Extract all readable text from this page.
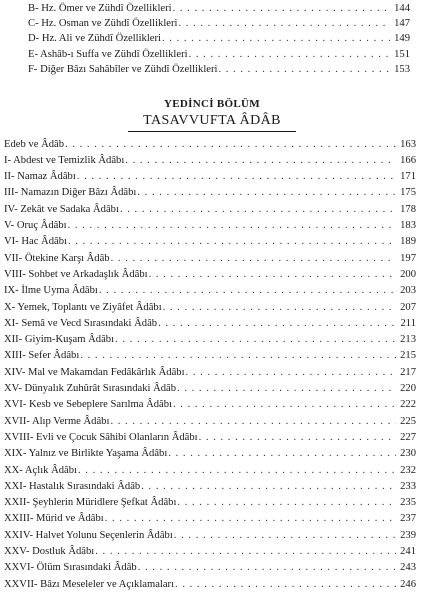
B- Hz. Ömer ve Zühdî Özellikleri . . .	144
C- Hz. Osman ve Zühdî Özellikleri . . .	147
D- Hz. Ali ve Zühdî Özellikleri . . .	149
E- Ashâb-ı Suffa ve Zühdî Özellikleri . . .	151
F- Diğer Bâzı Sahâbîler ve Zühdî Özellikleri . . .	153
YEDİNCİ BÖLÜM
TASAVVUFTA ÂDÂB
Edeb ve Âdâb . . .	163
I- Abdest ve Temizlik Âdâbı . . .	166
II- Namaz Âdâbı . . .	171
III- Namazın Diğer Bâzı Âdâbı . . .	175
IV- Zekât ve Sadaka Âdâbı . . .	178
V- Oruç Âdâbı . . .	183
VI- Hac Âdâbı . . .	189
VII- Ötekine Karşı Âdâb . . .	197
VIII- Sohbet ve Arkadaşlık Âdâbı . . .	200
IX- İlme Uyma Âdâbı . . .	203
X- Yemek, Toplantı ve Ziyâfet Âdâbı . . .	207
XI- Semâ ve Vecd Sırasındaki Âdâb . . .	211
XII- Giyim-Kuşam Âdâbı . . .	213
XIII- Sefer Âdâbı . . .	215
XIV- Mal ve Makamdan Fedâkârlık Âdâbı . . .	217
XV- Dünyalık Zuhûrât Sırasındaki Âdâb . . .	220
XVI- Kesb ve Sebeplere Sarılma Âdâbı . . .	222
XVII- Alıp Verme Âdâbı . . .	225
XVIII- Evli ve Çocuk Sâhibi Olanların Âdâbı . . .	227
XIX- Yalnız ve Birlikte Yaşama Âdâbı . . .	230
XX- Açlık Âdâbı . . .	232
XXI- Hastalık Sırasındaki Âdâb . . .	233
XXII- Şeyhlerin Müridlere Şefkat Âdâbı . . .	235
XXIII- Mürid ve Âdâbı . . .	237
XXIV- Halvet Yolunu Seçenlerin Âdâbı . . .	239
XXV- Dostluk Âdâbı . . .	241
XXVI- Ölüm Sırasındaki Âdâb . . .	243
XXVII- Bâzı Meseleler ve Açıklamaları . . .	246
